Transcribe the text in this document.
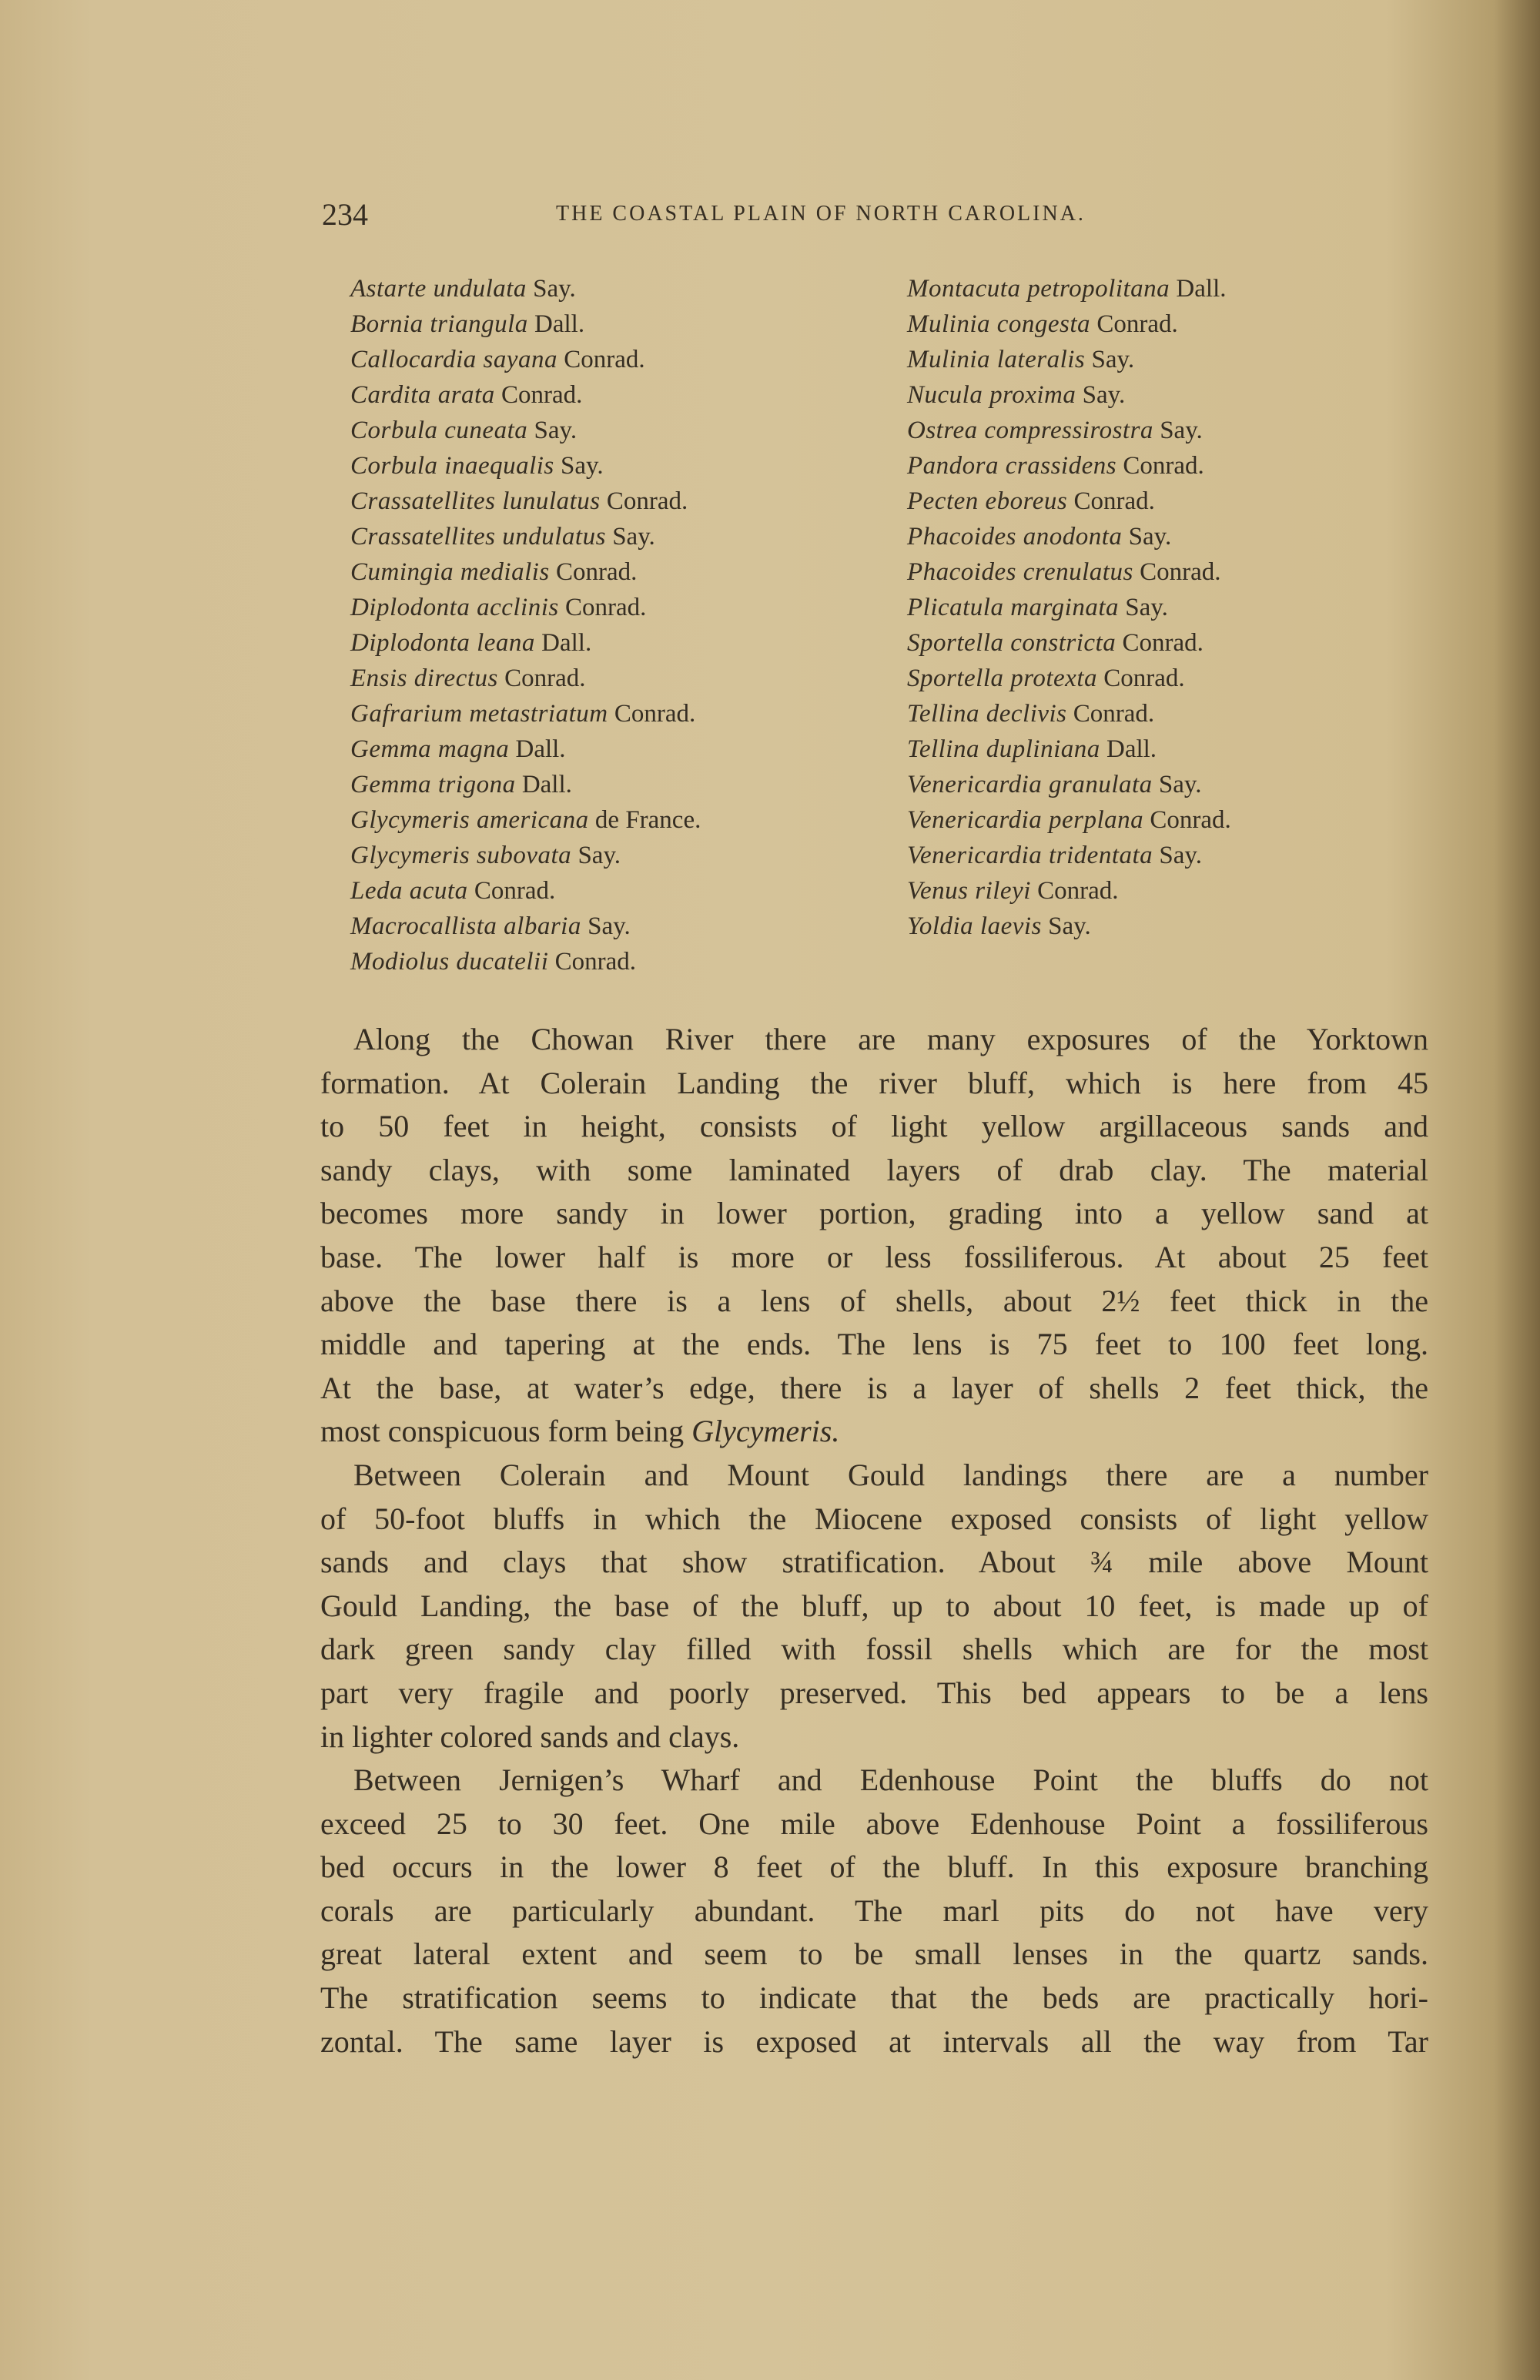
234	THE COASTAL PLAIN OF NORTH CAROLINA.
Astarte undulata Say.
Bornia triangula Dall.
Callocardia sayana Conrad.
Cardita arata Conrad.
Corbula cuneata Say.
Corbula inaequalis Say.
Crassatellites lunulatus Conrad.
Crassatellites undulatus Say.
Cumingia medialis Conrad.
Diplodonta acclinis Conrad.
Diplodonta leana Dall.
Ensis directus Conrad.
Gafrarium metastriatum Conrad.
Gemma magna Dall.
Gemma trigona Dall.
Glycymeris americana de France.
Glycymeris subovata Say.
Leda acuta Conrad.
Macrocallista albaria Say.
Modiolus ducatelii Conrad.
Montacuta petropolitana Dall.
Mulinia congesta Conrad.
Mulinia lateralis Say.
Nucula proxima Say.
Ostrea compressirostra Say.
Pandora crassidens Conrad.
Pecten eboreus Conrad.
Phacoides anodonta Say.
Phacoides crenulatus Conrad.
Plicatula marginata Say.
Sportella constricta Conrad.
Sportella protexta Conrad.
Tellina declivis Conrad.
Tellina dupliniana Dall.
Venericardia granulata Say.
Venericardia perplana Conrad.
Venericardia tridentata Say.
Venus rileyi Conrad.
Yoldia laevis Say.
Along the Chowan River there are many exposures of the Yorktown
formation. At Colerain Landing the river bluff, which is here from 45
to 50 feet in height, consists of light yellow argillaceous sands and
sandy clays, with some laminated layers of drab clay. The material
becomes more sandy in lower portion, grading into a yellow sand at
base. The lower half is more or less fossiliferous. At about 25 feet
above the base there is a lens of shells, about 2½ feet thick in the
middle and tapering at the ends. The lens is 75 feet to 100 feet long.
At the base, at water’s edge, there is a layer of shells 2 feet thick, the
most conspicuous form being Glycymeris.
Between Colerain and Mount Gould landings there are a number
of 50-foot bluffs in which the Miocene exposed consists of light yellow
sands and clays that show stratification. About ¾ mile above Mount
Gould Landing, the base of the bluff, up to about 10 feet, is made up of
dark green sandy clay filled with fossil shells which are for the most
part very fragile and poorly preserved. This bed appears to be a lens
in lighter colored sands and clays.
Between Jernigen’s Wharf and Edenhouse Point the bluffs do not
exceed 25 to 30 feet. One mile above Edenhouse Point a fossiliferous
bed occurs in the lower 8 feet of the bluff. In this exposure branching
corals are particularly abundant. The marl pits do not have very
great lateral extent and seem to be small lenses in the quartz sands.
The stratification seems to indicate that the beds are practically hori-
zontal. The same layer is exposed at intervals all the way from Tar
